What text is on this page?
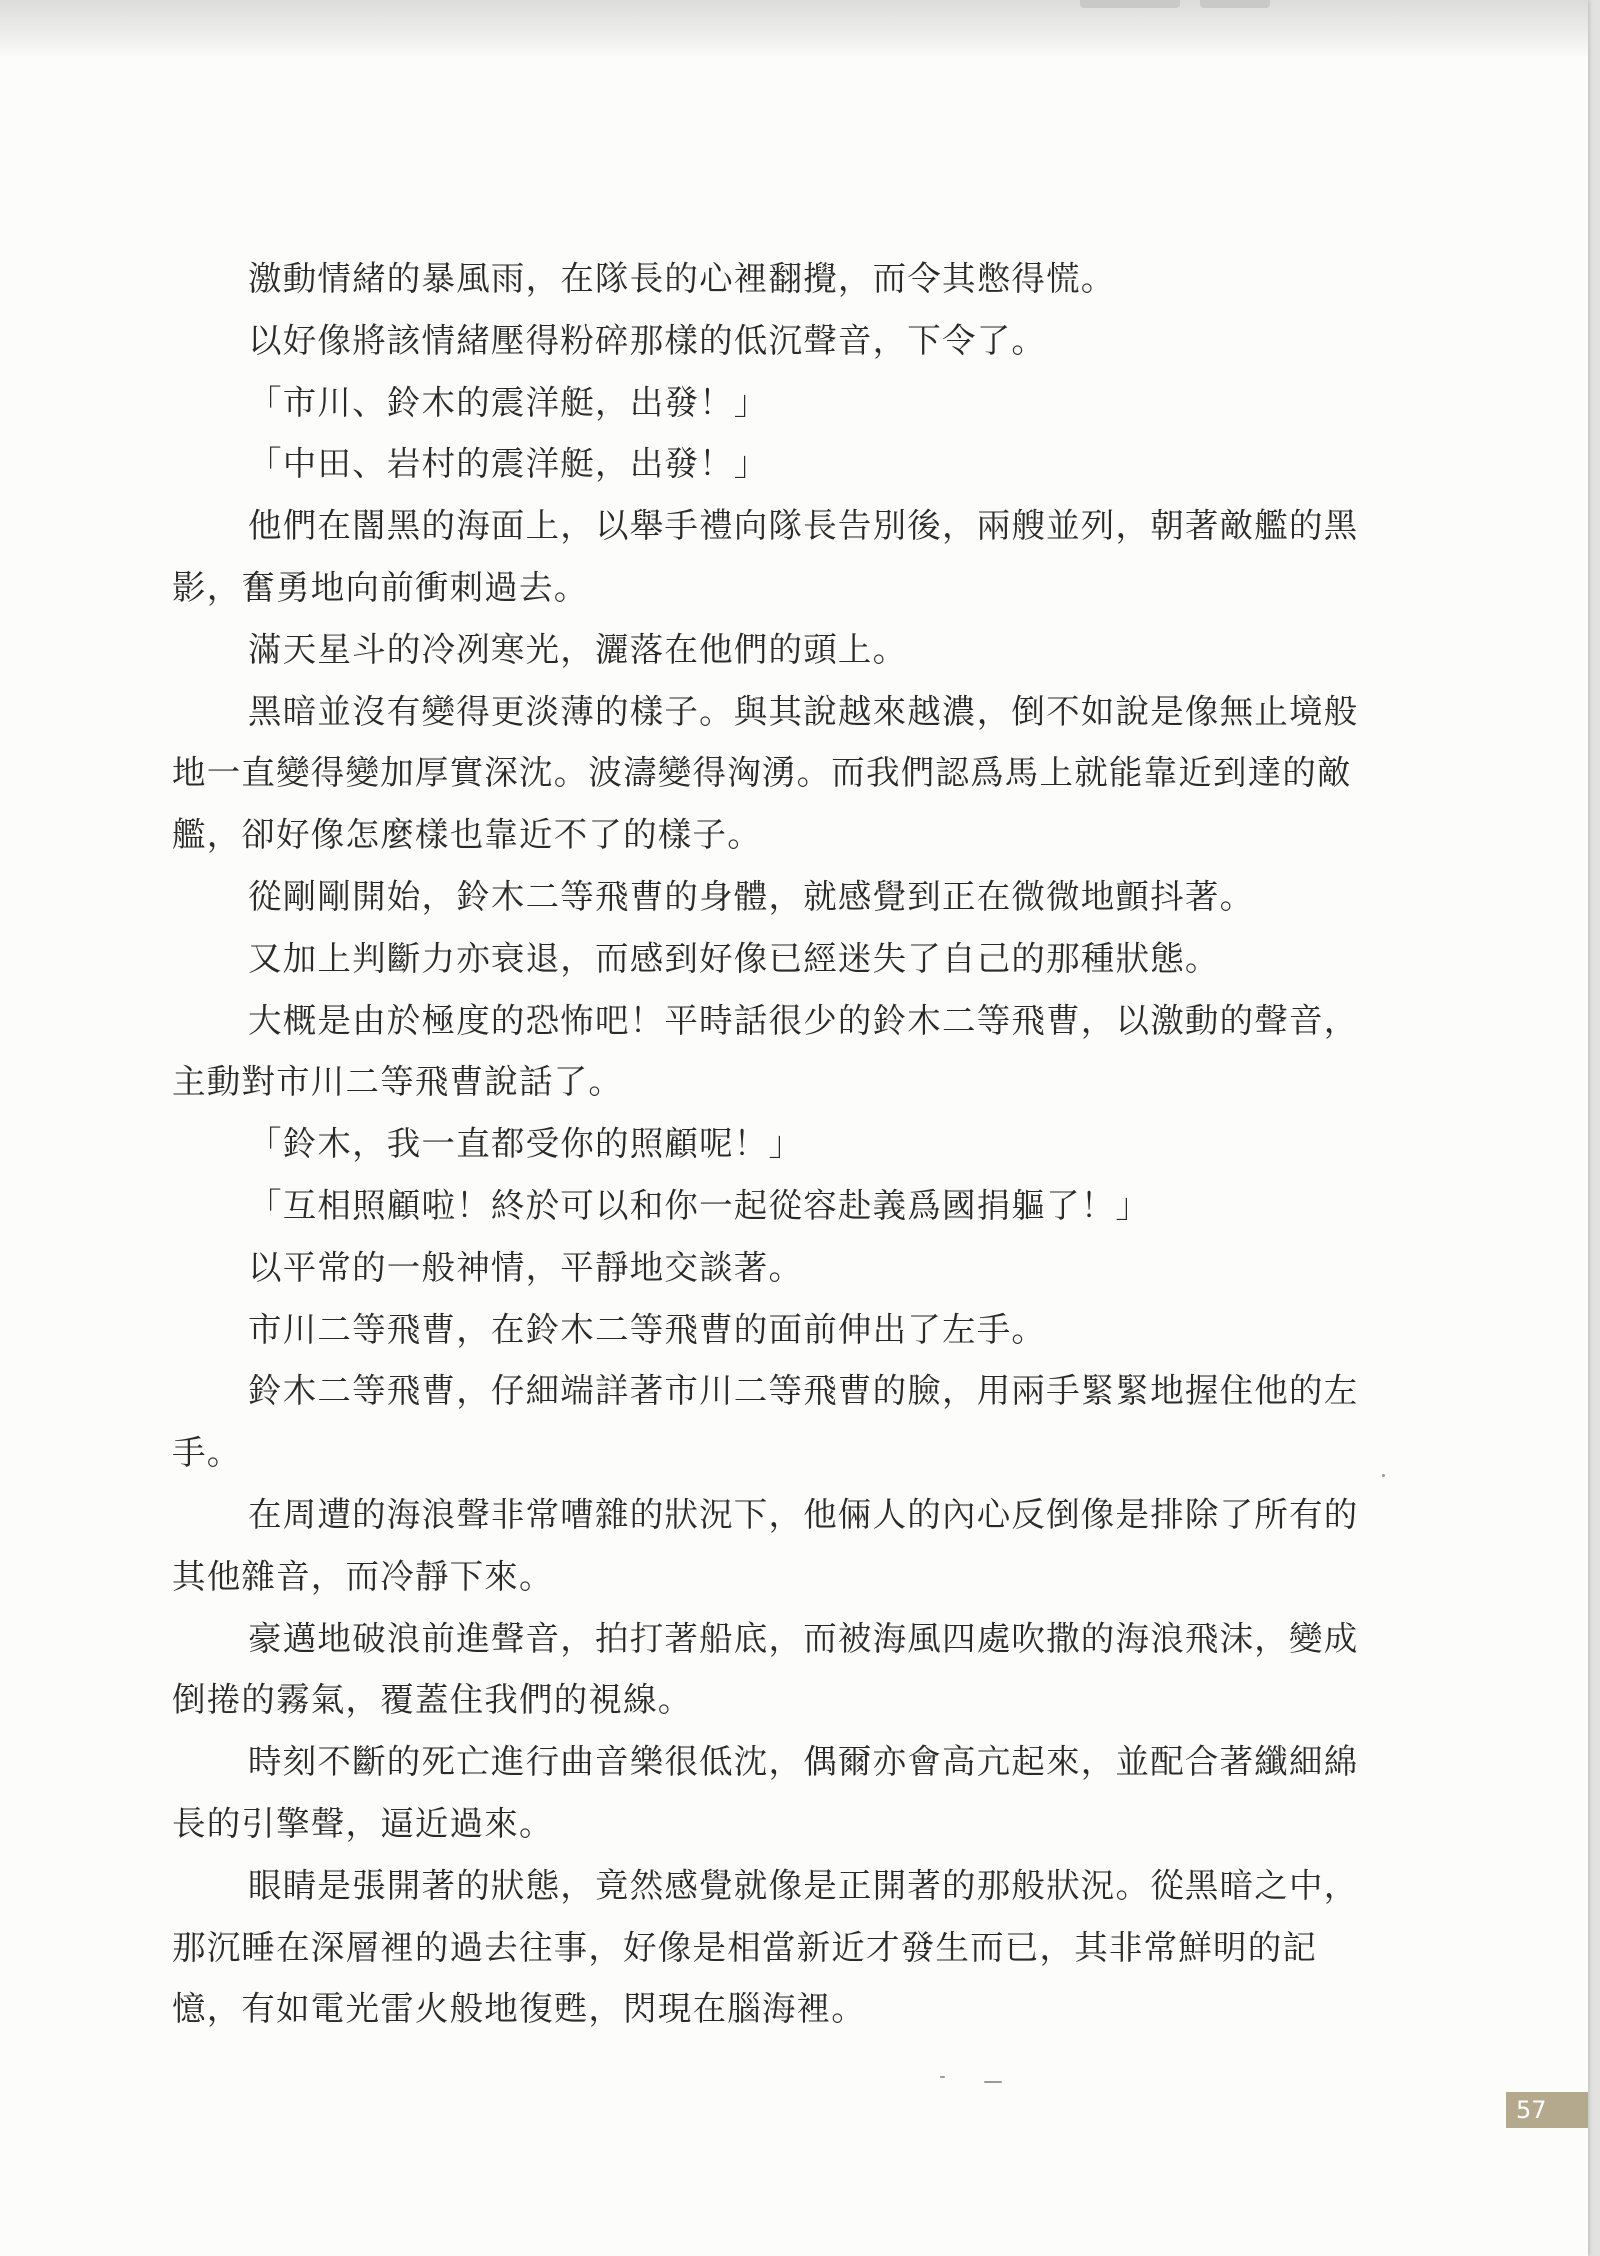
激動情緒的暴風雨，在隊長的心裡翻攪，而令其憋得慌。

以好像將該情緒壓得粉碎那樣的低沉聲音，下令了。

「市川、鈴木的震洋艇，出發！」

「中田、岩村的震洋艇，出發！」

他們在闇黑的海面上，以舉手禮向隊長告別後，兩艘並列，朝著敵艦的黑影，奮勇地向前衝刺過去。

滿天星斗的冷冽寒光，灑落在他們的頭上。

黑暗並沒有變得更淡薄的樣子。與其說越來越濃，倒不如說是像無止境般地一直變得變加厚實深沈。波濤變得洶湧。而我們認爲馬上就能靠近到達的敵艦，卻好像怎麼樣也靠近不了的樣子。

從剛剛開始，鈴木二等飛曹的身體，就感覺到正在微微地顫抖著。

又加上判斷力亦衰退，而感到好像已經迷失了自己的那種狀態。

大概是由於極度的恐怖吧！平時話很少的鈴木二等飛曹，以激動的聲音，主動對市川二等飛曹說話了。

「鈴木，我一直都受你的照顧呢！」

「互相照顧啦！終於可以和你一起從容赴義爲國捐軀了！」

以平常的一般神情，平靜地交談著。

市川二等飛曹，在鈴木二等飛曹的面前伸出了左手。

鈴木二等飛曹，仔細端詳著市川二等飛曹的臉，用兩手緊緊地握住他的左手。

在周遭的海浪聲非常嘈雜的狀況下，他倆人的內心反倒像是排除了所有的其他雜音，而冷靜下來。

豪邁地破浪前進聲音，拍打著船底，而被海風四處吹撒的海浪飛沫，變成倒捲的霧氣，覆蓋住我們的視線。

時刻不斷的死亡進行曲音樂很低沈，偶爾亦會高亢起來，並配合著纖細綿長的引擎聲，逼近過來。

眼睛是張開著的狀態，竟然感覺就像是正開著的那般狀況。從黑暗之中，那沉睡在深層裡的過去往事，好像是相當新近才發生而已，其非常鮮明的記憶，有如電光雷火般地復甦，閃現在腦海裡。

57
